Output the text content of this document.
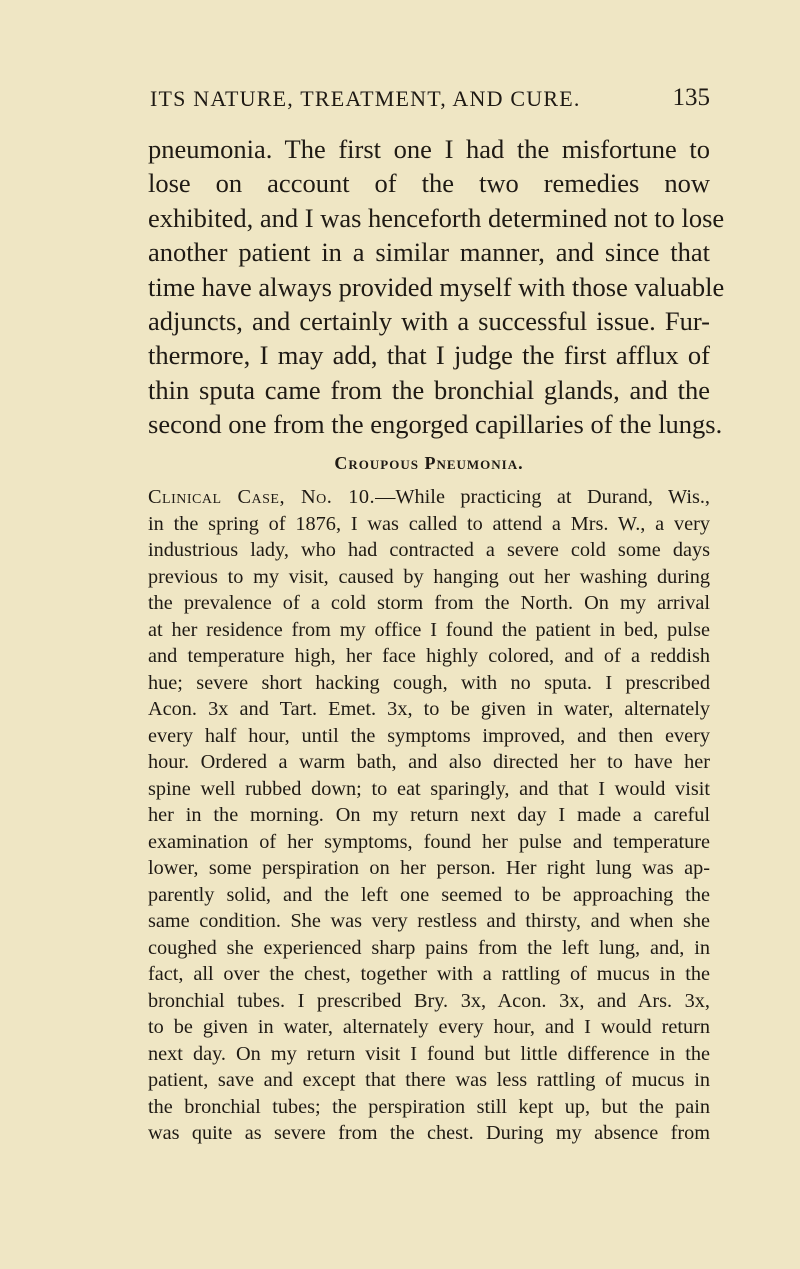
ITS NATURE, TREATMENT, AND CURE.	135

pneumonia. The first one I had the misfortune to
lose on account of the two remedies now
exhibited, and I was henceforth determined not to lose
another patient in a similar manner, and since that
time have always provided myself with those valuable
adjuncts, and certainly with a successful issue. Fur-
thermore, I may add, that I judge the first afflux of
thin sputa came from the bronchial glands, and the
second one from the engorged capillaries of the lungs.

Croupous Pneumonia.

Clinical Case, No. 10.—While practicing at Durand, Wis.,
in the spring of 1876, I was called to attend a Mrs. W., a very
industrious lady, who had contracted a severe cold some days
previous to my visit, caused by hanging out her washing during
the prevalence of a cold storm from the North. On my arrival
at her residence from my office I found the patient in bed, pulse
and temperature high, her face highly colored, and of a reddish
hue; severe short hacking cough, with no sputa. I prescribed
Acon. 3x and Tart. Emet. 3x, to be given in water, alternately
every half hour, until the symptoms improved, and then every
hour. Ordered a warm bath, and also directed her to have her
spine well rubbed down; to eat sparingly, and that I would visit
her in the morning. On my return next day I made a careful
examination of her symptoms, found her pulse and temperature
lower, some perspiration on her person. Her right lung was ap-
parently solid, and the left one seemed to be approaching the
same condition. She was very restless and thirsty, and when she
coughed she experienced sharp pains from the left lung, and, in
fact, all over the chest, together with a rattling of mucus in the
bronchial tubes. I prescribed Bry. 3x, Acon. 3x, and Ars. 3x,
to be given in water, alternately every hour, and I would return
next day. On my return visit I found but little difference in the
patient, save and except that there was less rattling of mucus in
the bronchial tubes; the perspiration still kept up, but the pain
was quite as severe from the chest. During my absence from
